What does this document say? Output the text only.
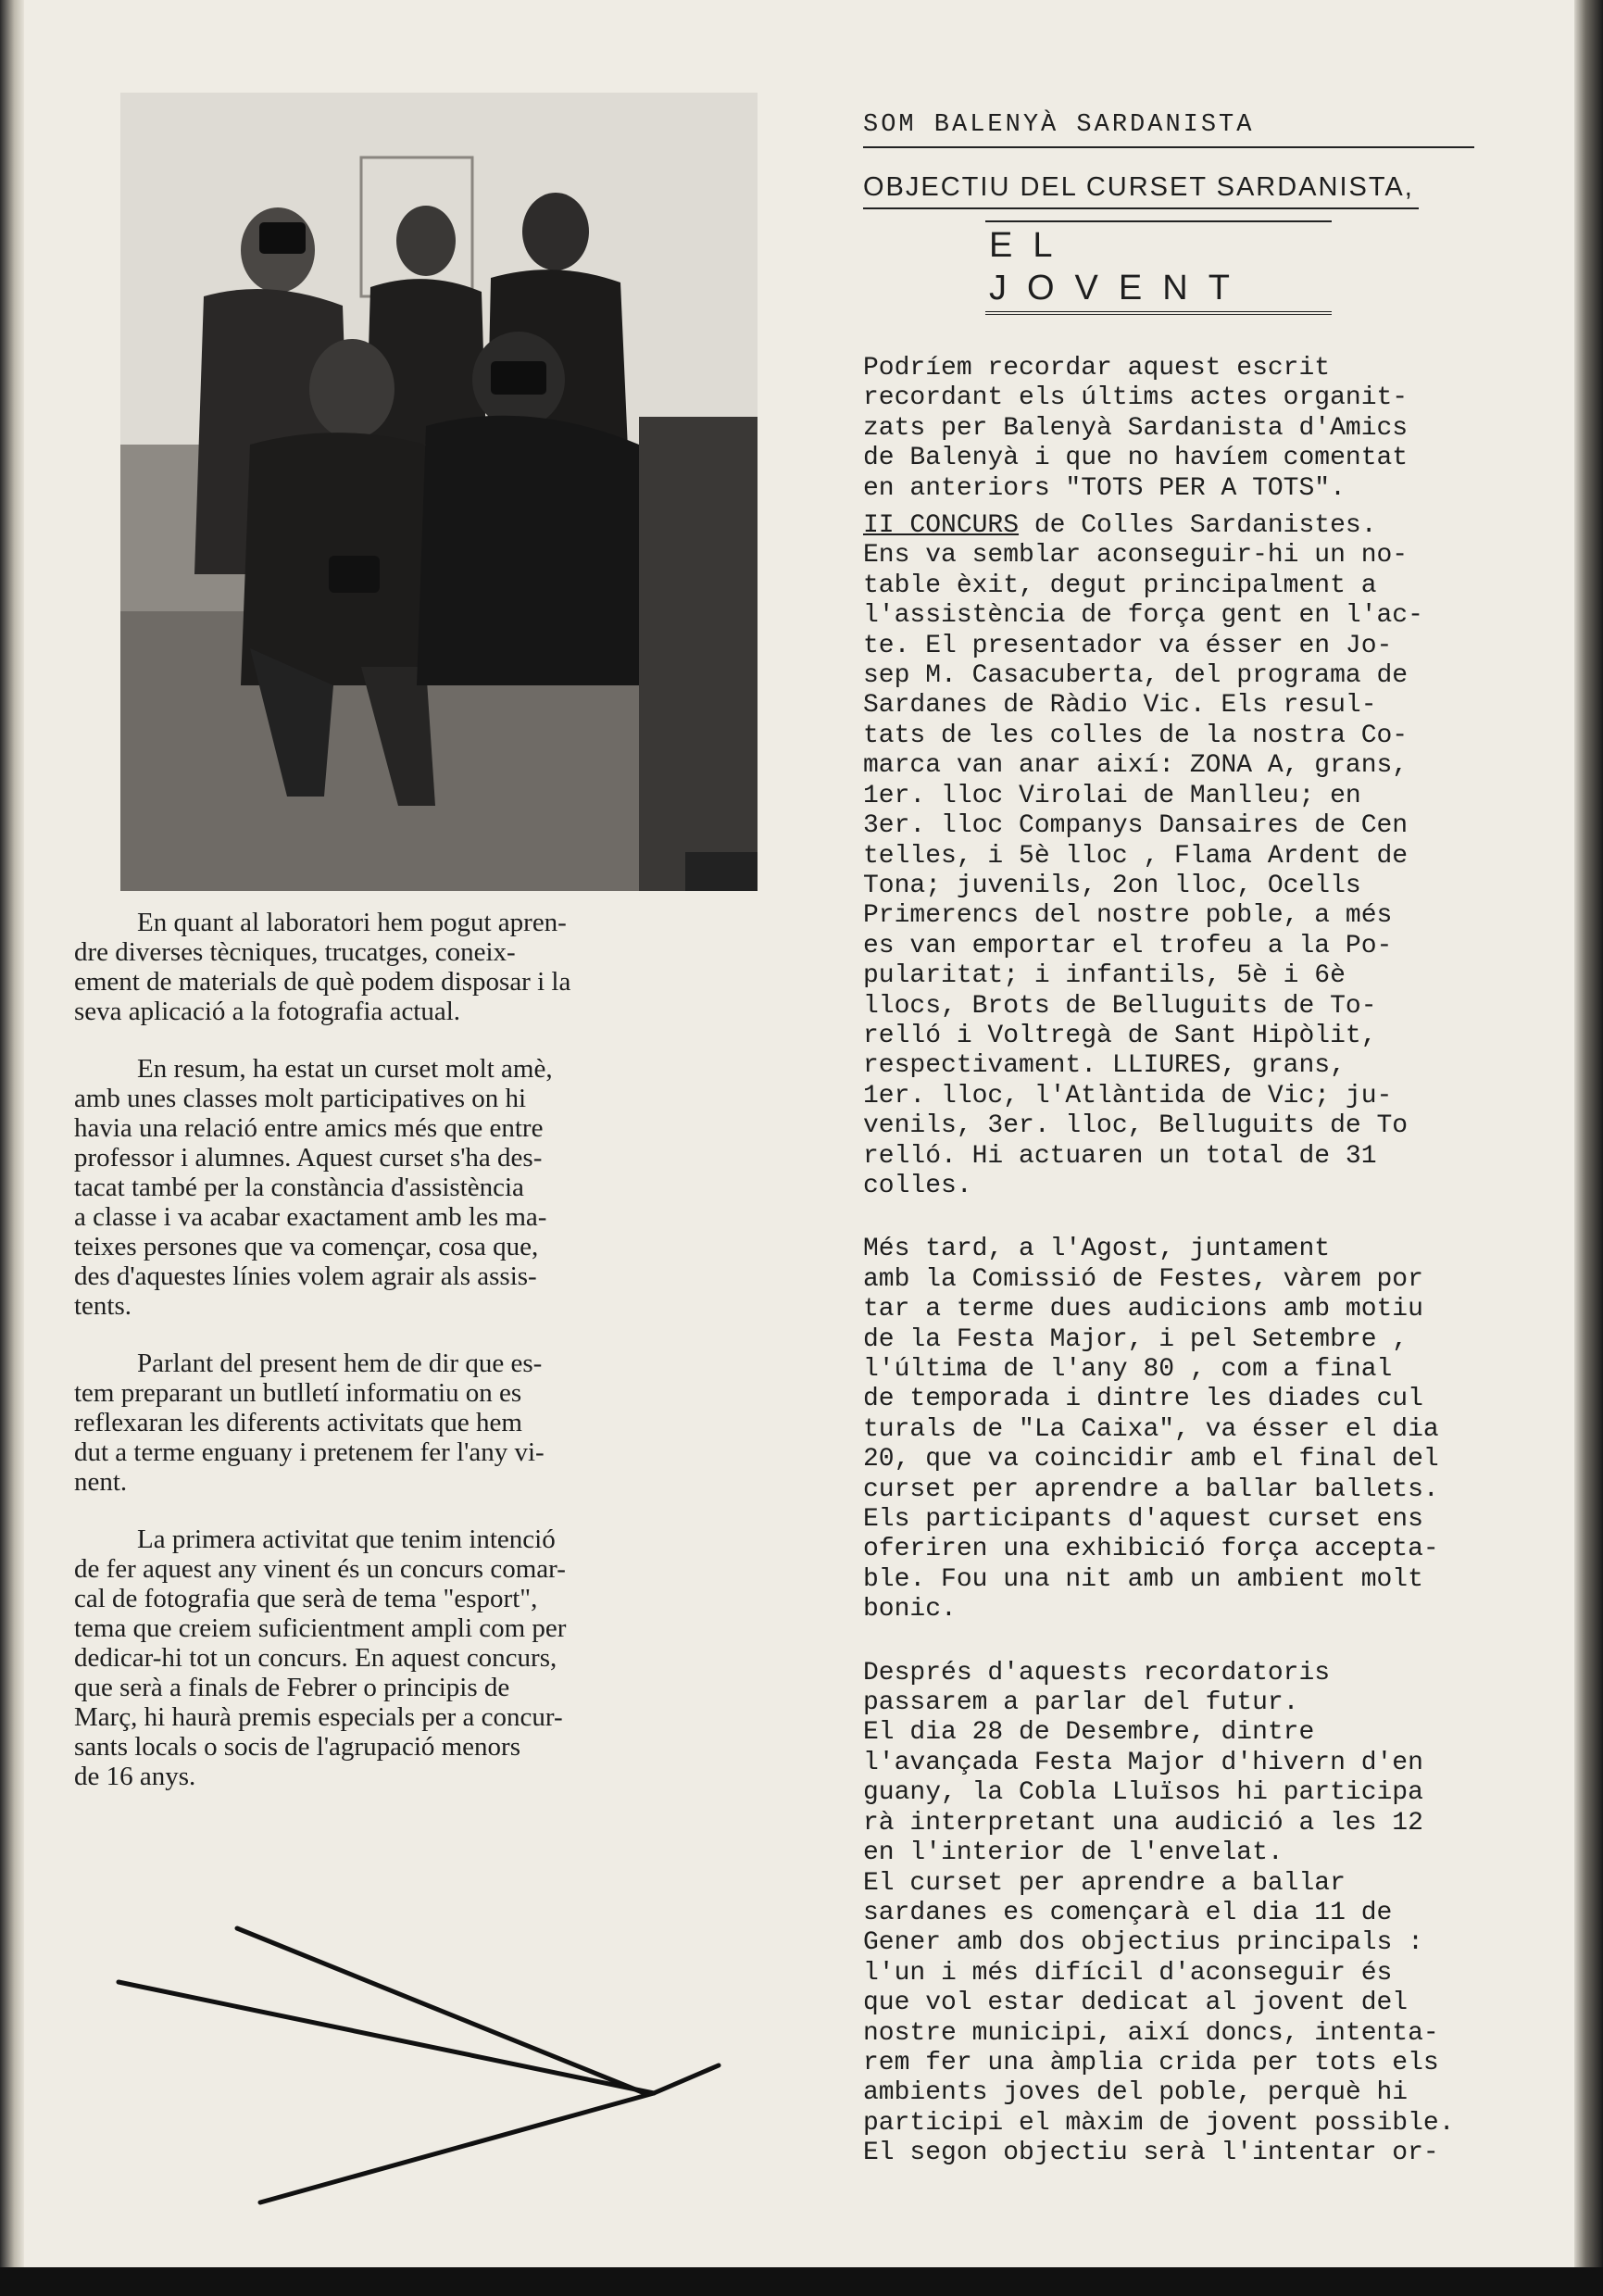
En quant al laboratori hem pogut apren-
dre diverses tècniques, trucatges, coneix-
ement de materials de què podem disposar i la
seva aplicació a la fotografia actual.

En resum, ha estat un curset molt amè,
amb unes classes molt participatives on hi
havia una relació entre amics més que entre
professor i alumnes. Aquest curset s'ha des-
tacat també per la constància d'assistència
a classe i va acabar exactament amb les ma-
teixes persones que va començar, cosa que,
des d'aquestes línies volem agrair als assis-
tents.

Parlant del present hem de dir que es-
tem preparant un butlletí informatiu on es
reflexaran les diferents activitats que hem
dut a terme enguany i pretenem fer l'any vi-
nent.

La primera activitat que tenim intenció
de fer aquest any vinent és un concurs comar-
cal de fotografia que serà de tema "esport",
tema que creiem suficientment ampli com per
dedicar-hi tot un concurs. En aquest concurs,
que serà a finals de Febrer o principis de
Març, hi haurà premis especials per a concur-
sants locals o socis de l'agrupació menors
de 16 anys.

SOM BALENYÀ SARDANISTA
OBJECTIU DEL CURSET SARDANISTA,
EL JOVENT

Podríem recordar aquest escrit
recordant els últims actes organit-
zats per Balenyà Sardanista d'Amics
de Balenyà i que no havíem comentat
en anteriors "TOTS PER A TOTS".

II CONCURS de Colles Sardanistes.
Ens va semblar aconseguir-hi un no-
table èxit, degut principalment a
l'assistència de força gent en l'ac-
te. El presentador va ésser en Jo-
sep M. Casacuberta, del programa de
Sardanes de Ràdio Vic. Els resul-
tats de les colles de la nostra Co-
marca van anar així: ZONA A, grans,
1er. lloc Virolai de Manlleu; en
3er. lloc Companys Dansaires de Cen
telles, i 5è lloc , Flama Ardent de
Tona; juvenils, 2on lloc, Ocells
Primerencs del nostre poble, a més
es van emportar el trofeu a la Po-
pularitat; i infantils, 5è i 6è
llocs, Brots de Belluguits de To-
relló i Voltregà de Sant Hipòlit,
respectivament. LLIURES, grans,
1er. lloc, l'Atlàntida de Vic; ju-
venils, 3er. lloc, Belluguits de To
relló. Hi actuaren un total de 31
colles.

Més tard, a l'Agost, juntament
amb la Comissió de Festes, vàrem por
tar a terme dues audicions amb motiu
de la Festa Major, i pel Setembre ,
l'última de l'any 80 , com a final
de temporada i dintre les diades cul
turals de "La Caixa", va ésser el dia
20, que va coincidir amb el final del
curset per aprendre a ballar ballets.
Els participants d'aquest curset ens
oferiren una exhibició força accepta-
ble. Fou una nit amb un ambient molt
bonic.

Després d'aquests recordatoris
passarem a parlar del futur.
El dia 28 de Desembre, dintre
l'avançada Festa Major d'hivern d'en
guany, la Cobla Lluïsos hi participa
rà interpretant una audició a les 12
en l'interior de l'envelat.
El curset per aprendre a ballar
sardanes es començarà el dia 11 de
Gener amb dos objectius principals :
l'un i més difícil d'aconseguir és
que vol estar dedicat al jovent del
nostre municipi, així doncs, intenta-
rem fer una àmplia crida per tots els
ambients joves del poble, perquè hi
participi el màxim de jovent possible.
El segon objectiu serà l'intentar or-
